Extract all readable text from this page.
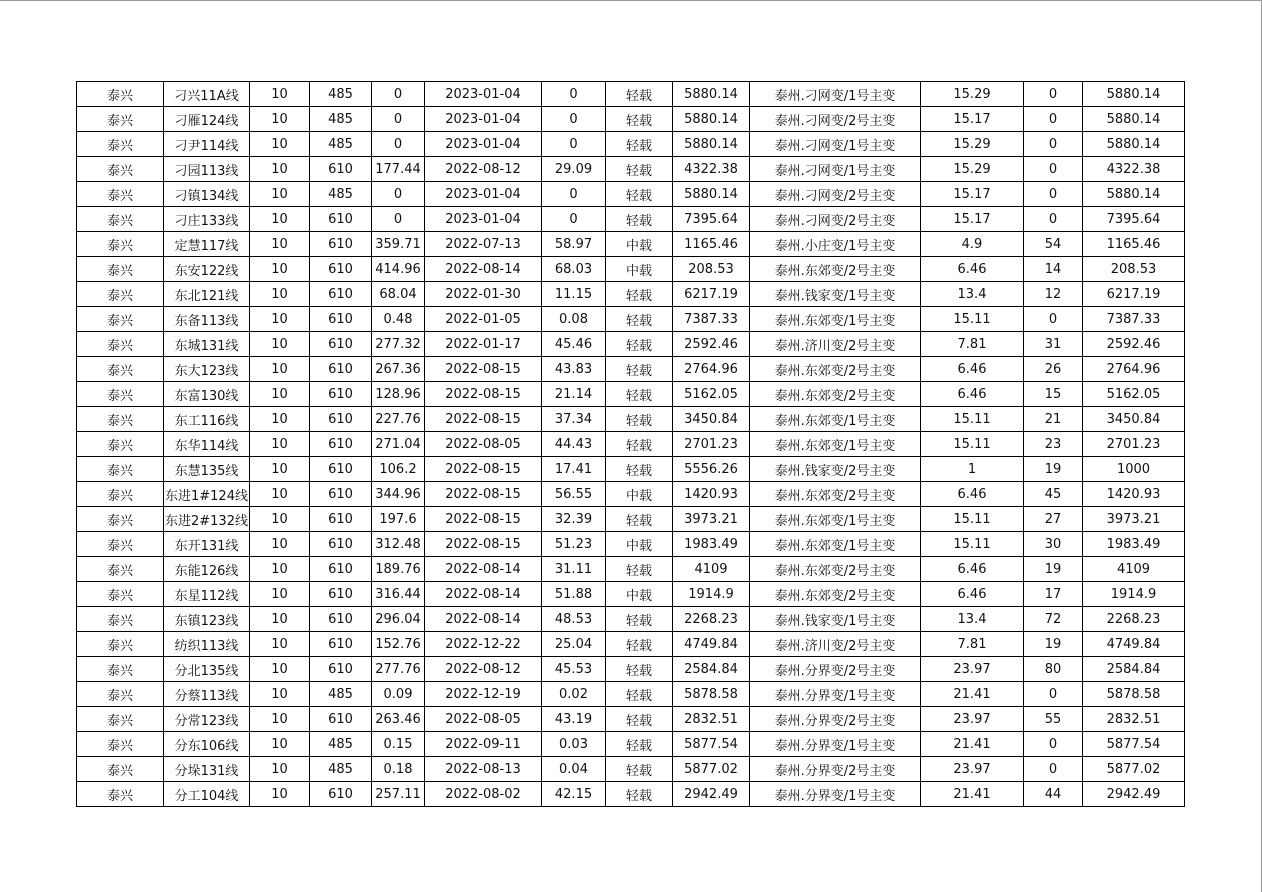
泰兴	刁兴11A线	10	485	0	2023-01-04	0	轻载	5880.14	泰州.刁网变/1号主变	15.29	0	5880.14
泰兴	刁雁124线	10	485	0	2023-01-04	0	轻载	5880.14	泰州.刁网变/2号主变	15.17	0	5880.14
泰兴	刁尹114线	10	485	0	2023-01-04	0	轻载	5880.14	泰州.刁网变/1号主变	15.29	0	5880.14
泰兴	刁园113线	10	610	177.44	2022-08-12	29.09	轻载	4322.38	泰州.刁网变/1号主变	15.29	0	4322.38
泰兴	刁镇134线	10	485	0	2023-01-04	0	轻载	5880.14	泰州.刁网变/2号主变	15.17	0	5880.14
泰兴	刁庄133线	10	610	0	2023-01-04	0	轻载	7395.64	泰州.刁网变/2号主变	15.17	0	7395.64
泰兴	定慧117线	10	610	359.71	2022-07-13	58.97	中载	1165.46	泰州.小庄变/1号主变	4.9	54	1165.46
泰兴	东安122线	10	610	414.96	2022-08-14	68.03	中载	208.53	泰州.东郊变/2号主变	6.46	14	208.53
泰兴	东北121线	10	610	68.04	2022-01-30	11.15	轻载	6217.19	泰州.钱家变/1号主变	13.4	12	6217.19
泰兴	东备113线	10	610	0.48	2022-01-05	0.08	轻载	7387.33	泰州.东郊变/1号主变	15.11	0	7387.33
泰兴	东城131线	10	610	277.32	2022-01-17	45.46	轻载	2592.46	泰州.济川变/2号主变	7.81	31	2592.46
泰兴	东大123线	10	610	267.36	2022-08-15	43.83	轻载	2764.96	泰州.东郊变/2号主变	6.46	26	2764.96
泰兴	东富130线	10	610	128.96	2022-08-15	21.14	轻载	5162.05	泰州.东郊变/2号主变	6.46	15	5162.05
泰兴	东工116线	10	610	227.76	2022-08-15	37.34	轻载	3450.84	泰州.东郊变/1号主变	15.11	21	3450.84
泰兴	东华114线	10	610	271.04	2022-08-05	44.43	轻载	2701.23	泰州.东郊变/1号主变	15.11	23	2701.23
泰兴	东慧135线	10	610	106.2	2022-08-15	17.41	轻载	5556.26	泰州.钱家变/2号主变	1	19	1000
泰兴	东进1#124线	10	610	344.96	2022-08-15	56.55	中载	1420.93	泰州.东郊变/2号主变	6.46	45	1420.93
泰兴	东进2#132线	10	610	197.6	2022-08-15	32.39	轻载	3973.21	泰州.东郊变/1号主变	15.11	27	3973.21
泰兴	东开131线	10	610	312.48	2022-08-15	51.23	中载	1983.49	泰州.东郊变/1号主变	15.11	30	1983.49
泰兴	东能126线	10	610	189.76	2022-08-14	31.11	轻载	4109	泰州.东郊变/2号主变	6.46	19	4109
泰兴	东星112线	10	610	316.44	2022-08-14	51.88	中载	1914.9	泰州.东郊变/2号主变	6.46	17	1914.9
泰兴	东镇123线	10	610	296.04	2022-08-14	48.53	轻载	2268.23	泰州.钱家变/1号主变	13.4	72	2268.23
泰兴	纺织113线	10	610	152.76	2022-12-22	25.04	轻载	4749.84	泰州.济川变/2号主变	7.81	19	4749.84
泰兴	分北135线	10	610	277.76	2022-08-12	45.53	轻载	2584.84	泰州.分界变/2号主变	23.97	80	2584.84
泰兴	分蔡113线	10	485	0.09	2022-12-19	0.02	轻载	5878.58	泰州.分界变/1号主变	21.41	0	5878.58
泰兴	分常123线	10	610	263.46	2022-08-05	43.19	轻载	2832.51	泰州.分界变/2号主变	23.97	55	2832.51
泰兴	分东106线	10	485	0.15	2022-09-11	0.03	轻载	5877.54	泰州.分界变/1号主变	21.41	0	5877.54
泰兴	分垛131线	10	485	0.18	2022-08-13	0.04	轻载	5877.02	泰州.分界变/2号主变	23.97	0	5877.02
泰兴	分工104线	10	610	257.11	2022-08-02	42.15	轻载	2942.49	泰州.分界变/1号主变	21.41	44	2942.49
